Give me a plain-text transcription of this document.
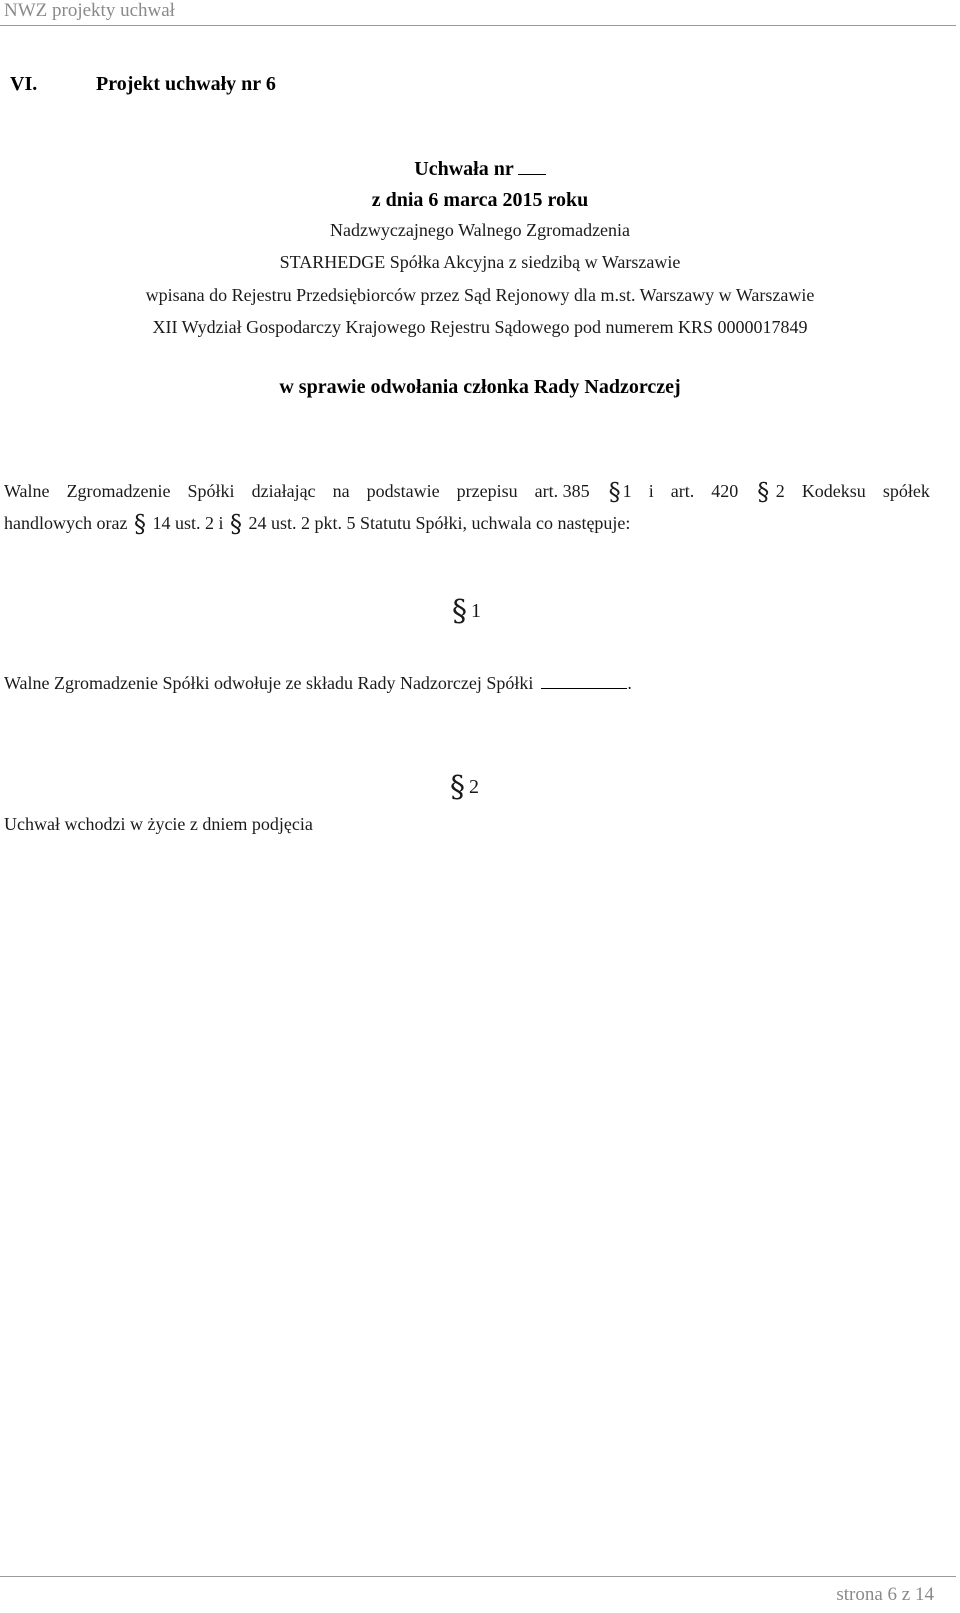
NWZ projekty uchwał
VI.	Projekt uchwały nr 6
Uchwała nr
z dnia 6 marca 2015 roku
Nadzwyczajnego Walnego Zgromadzenia
STARHEDGE Spółka Akcyjna z siedzibą w Warszawie
wpisana do Rejestru Przedsiębiorców przez Sąd Rejonowy dla m.st. Warszawy w Warszawie
XII Wydział Gospodarczy Krajowego Rejestru Sądowego pod numerem KRS 0000017849
w sprawie odwołania członka Rady Nadzorczej
Walne Zgromadzenie Spółki działając na podstawie przepisu art. 385 § 1 i art. 420 § 2 Kodeksu spółek
handlowych oraz § 14 ust. 2 i § 24 ust. 2 pkt. 5 Statutu Spółki, uchwala co następuje:
§ 1
Walne Zgromadzenie Spółki odwołuje ze składu Rady Nadzorczej Spółki	.
§ 2
Uchwał wchodzi w życie z dniem podjęcia
strona 6 z 14
